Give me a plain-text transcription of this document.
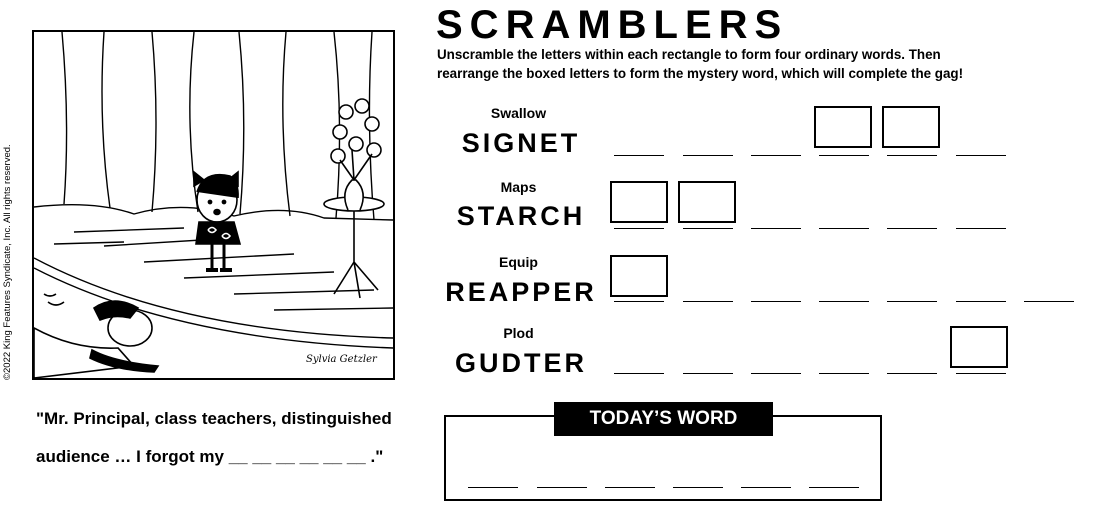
©2022 King Features Syndicate, Inc. All rights reserved.	Sylvia Getzler
"Mr. Principal, class teachers, distinguished
audience … I forgot my __ __ __ __ __ __ ."
SCRAMBLERS
Unscramble the letters within each rectangle to form four ordinary words. Then
rearrange the boxed letters to form the mystery word, which will complete the gag!
Swallow
SIGNET
Maps
STARCH
Equip
REAPPER
Plod
GUDTER
TODAY’S WORD
